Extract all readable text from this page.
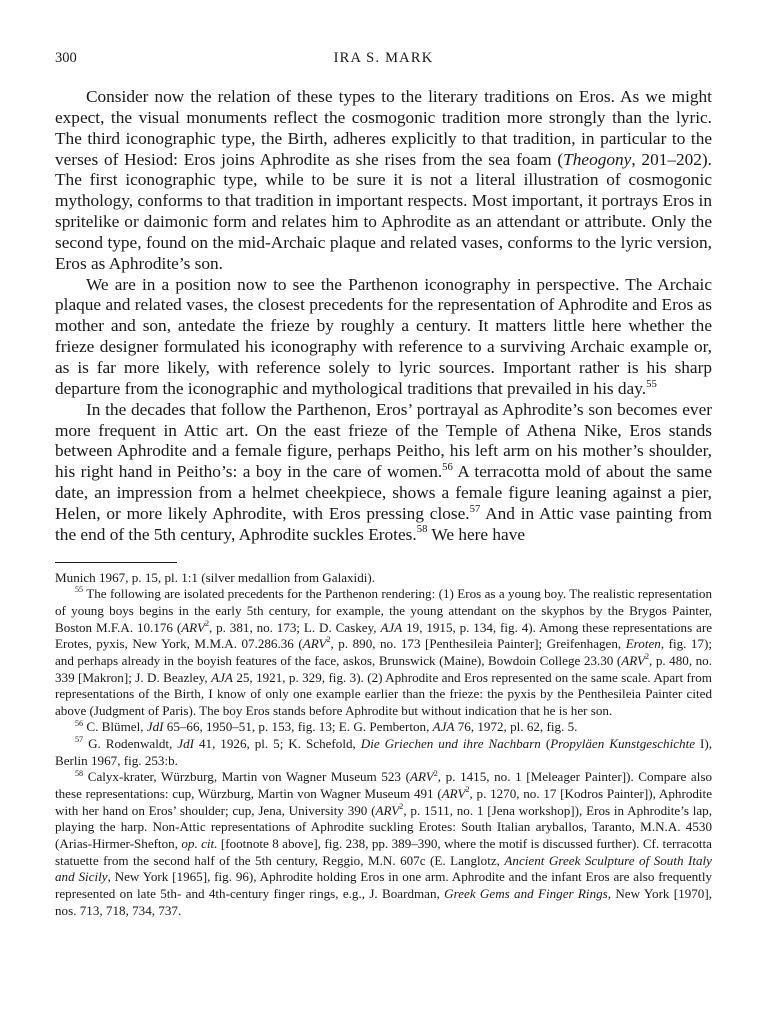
300	IRA S. MARK

Consider now the relation of these types to the literary traditions on Eros. As we might expect, the visual monuments reflect the cosmogonic tradition more strongly than the lyric. The third iconographic type, the Birth, adheres explicitly to that tradition, in particular to the verses of Hesiod: Eros joins Aphrodite as she rises from the sea foam (Theogony, 201–202). The first iconographic type, while to be sure it is not a literal illustration of cosmogonic mythology, conforms to that tradition in important respects. Most important, it portrays Eros in spritelike or daimonic form and relates him to Aphrodite as an attendant or attribute. Only the second type, found on the mid-Archaic plaque and related vases, conforms to the lyric version, Eros as Aphrodite’s son.

We are in a position now to see the Parthenon iconography in perspective. The Archaic plaque and related vases, the closest precedents for the representation of Aphrodite and Eros as mother and son, antedate the frieze by roughly a century. It matters little here whether the frieze designer formulated his iconography with reference to a surviving Archaic example or, as is far more likely, with reference solely to lyric sources. Important rather is his sharp departure from the iconographic and mythological traditions that prevailed in his day.$^{55}$

In the decades that follow the Parthenon, Eros’ portrayal as Aphrodite’s son becomes ever more frequent in Attic art. On the east frieze of the Temple of Athena Nike, Eros stands between Aphrodite and a female figure, perhaps Peitho, his left arm on his mother’s shoulder, his right hand in Peitho’s: a boy in the care of women.$^{56}$ A terracotta mold of about the same date, an impression from a helmet cheekpiece, shows a female figure leaning against a pier, Helen, or more likely Aphrodite, with Eros pressing close.$^{57}$ And in Attic vase painting from the end of the 5th century, Aphrodite suckles Erotes.$^{58}$ We here have

Munich 1967, p. 15, pl. 1:1 (silver medallion from Galaxidi).

$^{55}$ The following are isolated precedents for the Parthenon rendering: (1) Eros as a young boy. The realistic representation of young boys begins in the early 5th century, for example, the young attendant on the skyphos by the Brygos Painter, Boston M.F.A. 10.176 (ARV$^2$, p. 381, no. 173; L. D. Caskey, AJA 19, 1915, p. 134, fig. 4). Among these representations are Erotes, pyxis, New York, M.M.A. 07.286.36 (ARV$^2$, p. 890, no. 173 [Penthesileia Painter]; Greifenhagen, Eroten, fig. 17); and perhaps already in the boyish features of the face, askos, Brunswick (Maine), Bowdoin College 23.30 (ARV$^2$, p. 480, no. 339 [Makron]; J. D. Beazley, AJA 25, 1921, p. 329, fig. 3). (2) Aphrodite and Eros represented on the same scale. Apart from representations of the Birth, I know of only one example earlier than the frieze: the pyxis by the Penthesileia Painter cited above (Judgment of Paris). The boy Eros stands before Aphrodite but without indication that he is her son.

$^{56}$ C. Blümel, JdI 65–66, 1950–51, p. 153, fig. 13; E. G. Pemberton, AJA 76, 1972, pl. 62, fig. 5.

$^{57}$ G. Rodenwaldt, JdI 41, 1926, pl. 5; K. Schefold, Die Griechen und ihre Nachbarn (Propyläen Kunstgeschichte I), Berlin 1967, fig. 253:b.

$^{58}$ Calyx-krater, Würzburg, Martin von Wagner Museum 523 (ARV$^2$, p. 1415, no. 1 [Meleager Painter]). Compare also these representations: cup, Würzburg, Martin von Wagner Museum 491 (ARV$^2$, p. 1270, no. 17 [Kodros Painter]), Aphrodite with her hand on Eros’ shoulder; cup, Jena, University 390 (ARV$^2$, p. 1511, no. 1 [Jena workshop]), Eros in Aphrodite’s lap, playing the harp. Non-Attic representations of Aphrodite suckling Erotes: South Italian aryballos, Taranto, M.N.A. 4530 (Arias-Hirmer-Shefton, op. cit. [footnote 8 above], fig. 238, pp. 389–390, where the motif is discussed further). Cf. terracotta statuette from the second half of the 5th century, Reggio, M.N. 607c (E. Langlotz, Ancient Greek Sculpture of South Italy and Sicily, New York [1965], fig. 96), Aphrodite holding Eros in one arm. Aphrodite and the infant Eros are also frequently represented on late 5th- and 4th-century finger rings, e.g., J. Boardman, Greek Gems and Finger Rings, New York [1970], nos. 713, 718, 734, 737.
